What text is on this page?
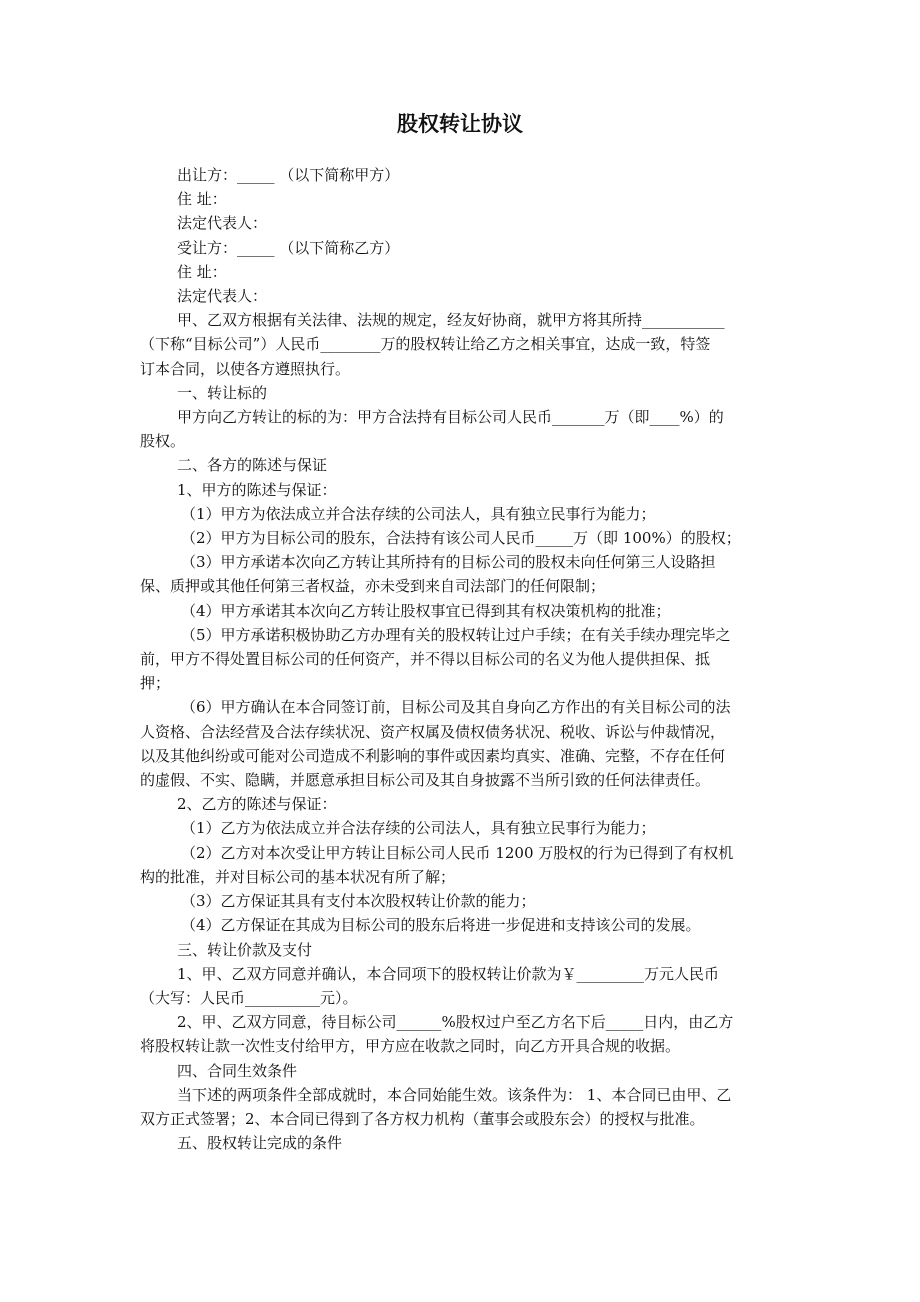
股权转让协议
出让方：_____ （以下简称甲方）
住 址：
法定代表人：
受让方：_____ （以下简称乙方）
住 址：
法定代表人：
甲、乙双方根据有关法律、法规的规定，经友好协商，就甲方将其所持___________
（下称“目标公司”）人民币________万的股权转让给乙方之相关事宜，达成一致，特签
订本合同，以使各方遵照执行。
一、转让标的
甲方向乙方转让的标的为：甲方合法持有目标公司人民币_______万（即____%）的
股权。
二、各方的陈述与保证
1、甲方的陈述与保证：
（1）甲方为依法成立并合法存续的公司法人，具有独立民事行为能力；
（2）甲方为目标公司的股东，合法持有该公司人民币_____万（即 100%）的股权；
（3）甲方承诺本次向乙方转让其所持有的目标公司的股权未向任何第三人设賂担
保、质押或其他任何第三者权益，亦未受到来自司法部门的任何限制；
（4）甲方承诺其本次向乙方转让股权事宜已得到其有权决策机构的批准；
（5）甲方承诺积极协助乙方办理有关的股权转让过户手续；在有关手续办理完毕之
前，甲方不得处置目标公司的任何资产，并不得以目标公司的名义为他人提供担保、抵
押；
（6）甲方确认在本合同签订前，目标公司及其自身向乙方作出的有关目标公司的法
人资格、合法经营及合法存续状况、资产权属及债权债务状况、税收、诉讼与仲裁情况，
以及其他纠纷或可能对公司造成不利影响的事件或因素均真实、准确、完整，不存在任何
的虚假、不实、隐瞒，并愿意承担目标公司及其自身披露不当所引致的任何法律责任。
2、乙方的陈述与保证：
（1）乙方为依法成立并合法存续的公司法人，具有独立民事行为能力；
（2）乙方对本次受让甲方转让目标公司人民币 1200 万股权的行为已得到了有权机
构的批准，并对目标公司的基本状况有所了解；
（3）乙方保证其具有支付本次股权转让价款的能力；
（4）乙方保证在其成为目标公司的股东后将进一步促进和支持该公司的发展。
三、转让价款及支付
1、甲、乙双方同意并确认，本合同项下的股权转让价款为￥_________万元人民币
（大写：人民币__________元）。
2、甲、乙双方同意，待目标公司______%股权过户至乙方名下后_____日内，由乙方
将股权转让款一次性支付给甲方，甲方应在收款之同时，向乙方开具合规的收据。
四、合同生效条件
当下述的两项条件全部成就时，本合同始能生效。该条件为： 1、本合同已由甲、乙
双方正式签署；2、本合同已得到了各方权力机构（董事会或股东会）的授权与批准。
五、股权转让完成的条件
